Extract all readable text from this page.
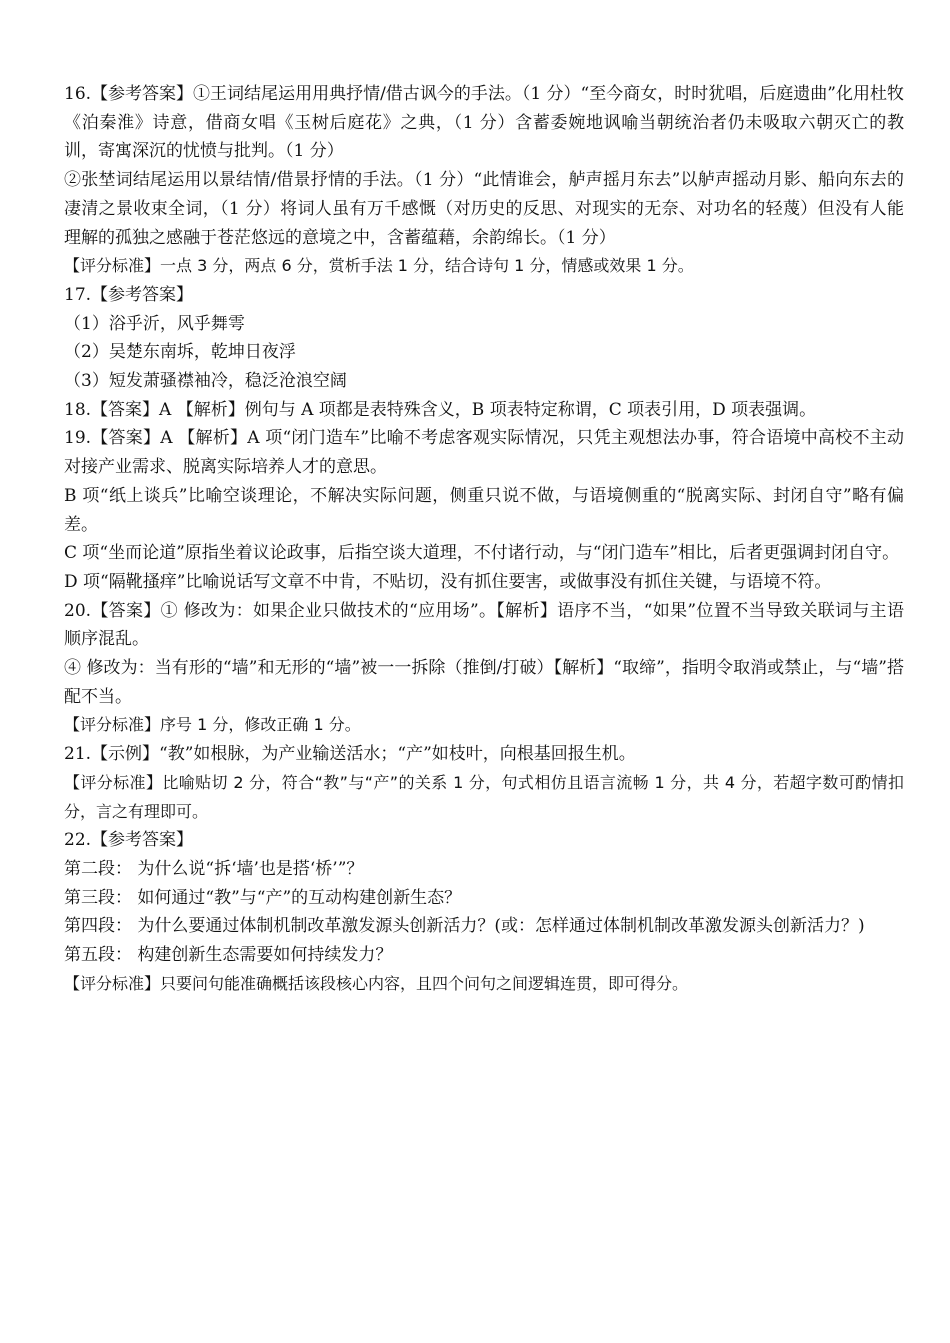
16.【参考答案】①王词结尾运用用典抒情/借古讽今的手法。（1 分）“至今商女，时时犹唱，后庭遗曲”化用杜牧《泊秦淮》诗意，借商女唱《玉树后庭花》之典，（1 分）含蓄委婉地讽喻当朝统治者仍未吸取六朝灭亡的教训，寄寓深沉的忧愤与批判。（1 分）

②张埜词结尾运用以景结情/借景抒情的手法。（1 分）“此情谁会，舻声摇月东去”以舻声摇动月影、船向东去的凄清之景收束全词，（1 分）将词人虽有万千感慨（对历史的反思、对现实的无奈、对功名的轻蔑）但没有人能理解的孤独之感融于苍茫悠远的意境之中，含蓄蕴藉，余韵绵长。（1 分）

【评分标准】一点 3 分，两点 6 分，赏析手法 1 分，结合诗句 1 分，情感或效果 1 分。

17.【参考答案】

（1）浴乎沂，风乎舞雩

（2）吴楚东南坼，乾坤日夜浮

（3）短发萧骚襟袖冷，稳泛沧浪空阔

18.【答案】A 【解析】例句与 A 项都是表特殊含义，B 项表特定称谓，C 项表引用，D 项表强调。

19.【答案】A 【解析】A 项“闭门造车”比喻不考虑客观实际情况，只凭主观想法办事，符合语境中高校不主动对接产业需求、脱离实际培养人才的意思。

B 项“纸上谈兵”比喻空谈理论，不解决实际问题，侧重只说不做，与语境侧重的“脱离实际、封闭自守”略有偏差。

C 项“坐而论道”原指坐着议论政事，后指空谈大道理，不付诸行动，与“闭门造车”相比，后者更强调封闭自守。

D 项“隔靴搔痒”比喻说话写文章不中肯，不贴切，没有抓住要害，或做事没有抓住关键，与语境不符。

20.【答案】① 修改为：如果企业只做技术的“应用场”。【解析】语序不当，“如果”位置不当导致关联词与主语顺序混乱。

④ 修改为：当有形的“墙”和无形的“墙”被一一拆除（推倒/打破）【解析】“取缔”，指明令取消或禁止，与“墙”搭配不当。

【评分标准】序号 1 分，修改正确 1 分。

21.【示例】“教”如根脉，为产业输送活水；“产”如枝叶，向根基回报生机。

【评分标准】比喻贴切 2 分，符合“教”与“产”的关系 1 分，句式相仿且语言流畅 1 分，共 4 分，若超字数可酌情扣分，言之有理即可。

22.【参考答案】

第二段： 为什么说“拆‘墙’也是搭‘桥’”？

第三段： 如何通过“教”与“产”的互动构建创新生态？

第四段： 为什么要通过体制机制改革激发源头创新活力？(或：怎样通过体制机制改革激发源头创新活力？)

第五段： 构建创新生态需要如何持续发力？

【评分标准】只要问句能准确概括该段核心内容，且四个问句之间逻辑连贯，即可得分。
